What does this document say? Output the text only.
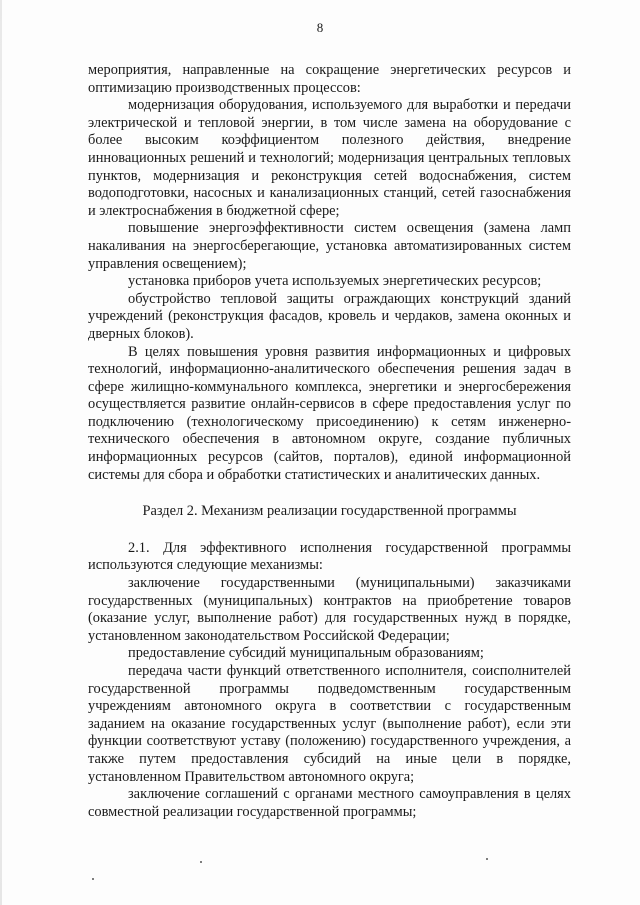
8

мероприятия, направленные на сокращение энергетических ресурсов и оптимизацию производственных процессов:

модернизация оборудования, используемого для выработки и передачи электрической и тепловой энергии, в том числе замена на оборудование с более высоким коэффициентом полезного действия, внедрение инновационных решений и технологий; модернизация центральных тепловых пунктов, модернизация и реконструкция сетей водоснабжения, систем водоподготовки, насосных и канализационных станций, сетей газоснабжения и электроснабжения в бюджетной сфере;

повышение энергоэффективности систем освещения (замена ламп накаливания на энергосберегающие, установка автоматизированных систем управления освещением);

установка приборов учета используемых энергетических ресурсов;

обустройство тепловой защиты ограждающих конструкций зданий учреждений (реконструкция фасадов, кровель и чердаков, замена оконных и дверных блоков).

В целях повышения уровня развития информационных и цифровых технологий, информационно-аналитического обеспечения решения задач в сфере жилищно-коммунального комплекса, энергетики и энергосбережения осуществляется развитие онлайн-сервисов в сфере предоставления услуг по подключению (технологическому присоединению) к сетям инженерно-технического обеспечения в автономном округе, создание публичных информационных ресурсов (сайтов, порталов), единой информационной системы для сбора и обработки статистических и аналитических данных.

Раздел 2. Механизм реализации государственной программы

2.1. Для эффективного исполнения государственной программы используются следующие механизмы:

заключение государственными (муниципальными) заказчиками государственных (муниципальных) контрактов на приобретение товаров (оказание услуг, выполнение работ) для государственных нужд в порядке, установленном законодательством Российской Федерации;

предоставление субсидий муниципальным образованиям;

передача части функций ответственного исполнителя, соисполнителей государственной программы подведомственным государственным учреждениям автономного округа в соответствии с государственным заданием на оказание государственных услуг (выполнение работ), если эти функции соответствуют уставу (положению) государственного учреждения, а также путем предоставления субсидий на иные цели в порядке, установленном Правительством автономного округа;

заключение соглашений с органами местного самоуправления в целях совместной реализации государственной программы;
